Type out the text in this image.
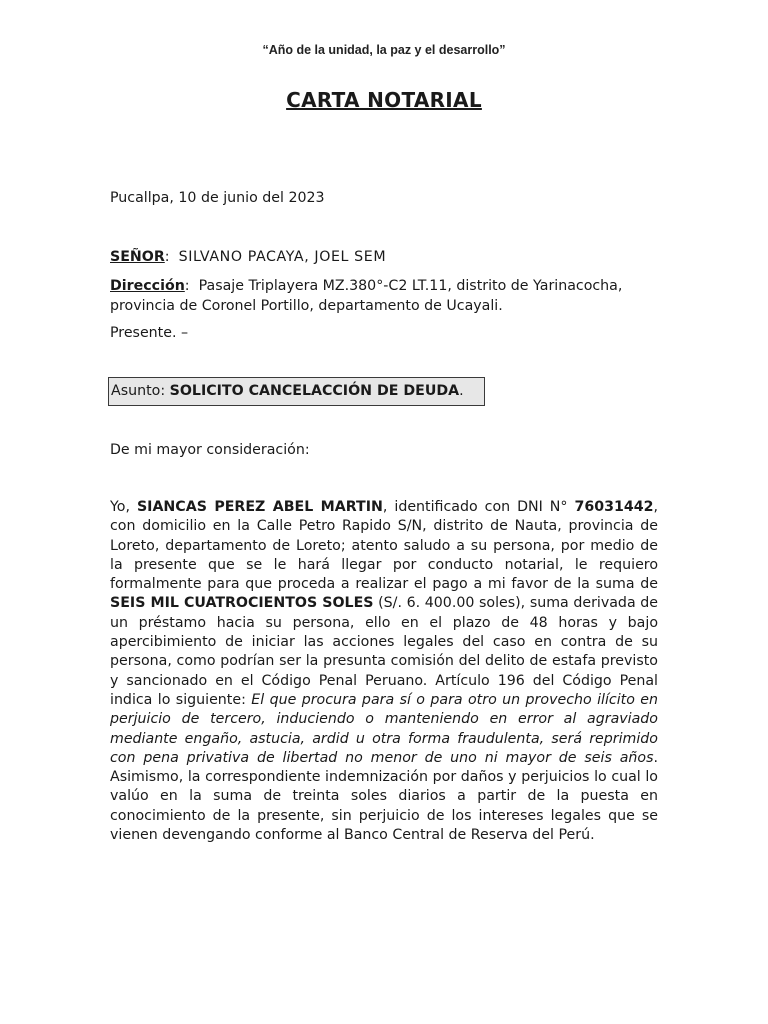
“Año de la unidad, la paz y el desarrollo”
CARTA NOTARIAL
Pucallpa, 10 de junio del 2023
SEÑOR: SILVANO PACAYA, JOEL SEM
Dirección: Pasaje Triplayera MZ.380°-C2 LT.11, distrito de Yarinacocha, provincia de Coronel Portillo, departamento de Ucayali.
Presente. –
Asunto: SOLICITO CANCELACCIÓN DE DEUDA.
De mi mayor consideración:
Yo, SIANCAS PEREZ ABEL MARTIN, identificado con DNI N° 76031442, con domicilio en la Calle Petro Rapido S/N, distrito de Nauta, provincia de Loreto, departamento de Loreto; atento saludo a su persona, por medio de la presente que se le hará llegar por conducto notarial, le requiero formalmente para que proceda a realizar el pago a mi favor de la suma de SEIS MIL CUATROCIENTOS SOLES (S/. 6. 400.00 soles), suma derivada de un préstamo hacia su persona, ello en el plazo de 48 horas y bajo apercibimiento de iniciar las acciones legales del caso en contra de su persona, como podrían ser la presunta comisión del delito de estafa previsto y sancionado en el Código Penal Peruano. Artículo 196 del Código Penal indica lo siguiente: El que procura para sí o para otro un provecho ilícito en perjuicio de tercero, induciendo o manteniendo en error al agraviado mediante engaño, astucia, ardid u otra forma fraudulenta, será reprimido con pena privativa de libertad no menor de uno ni mayor de seis años. Asimismo, la correspondiente indemnización por daños y perjuicios lo cual lo valúo en la suma de treinta soles diarios a partir de la puesta en conocimiento de la presente, sin perjuicio de los intereses legales que se vienen devengando conforme al Banco Central de Reserva del Perú.
